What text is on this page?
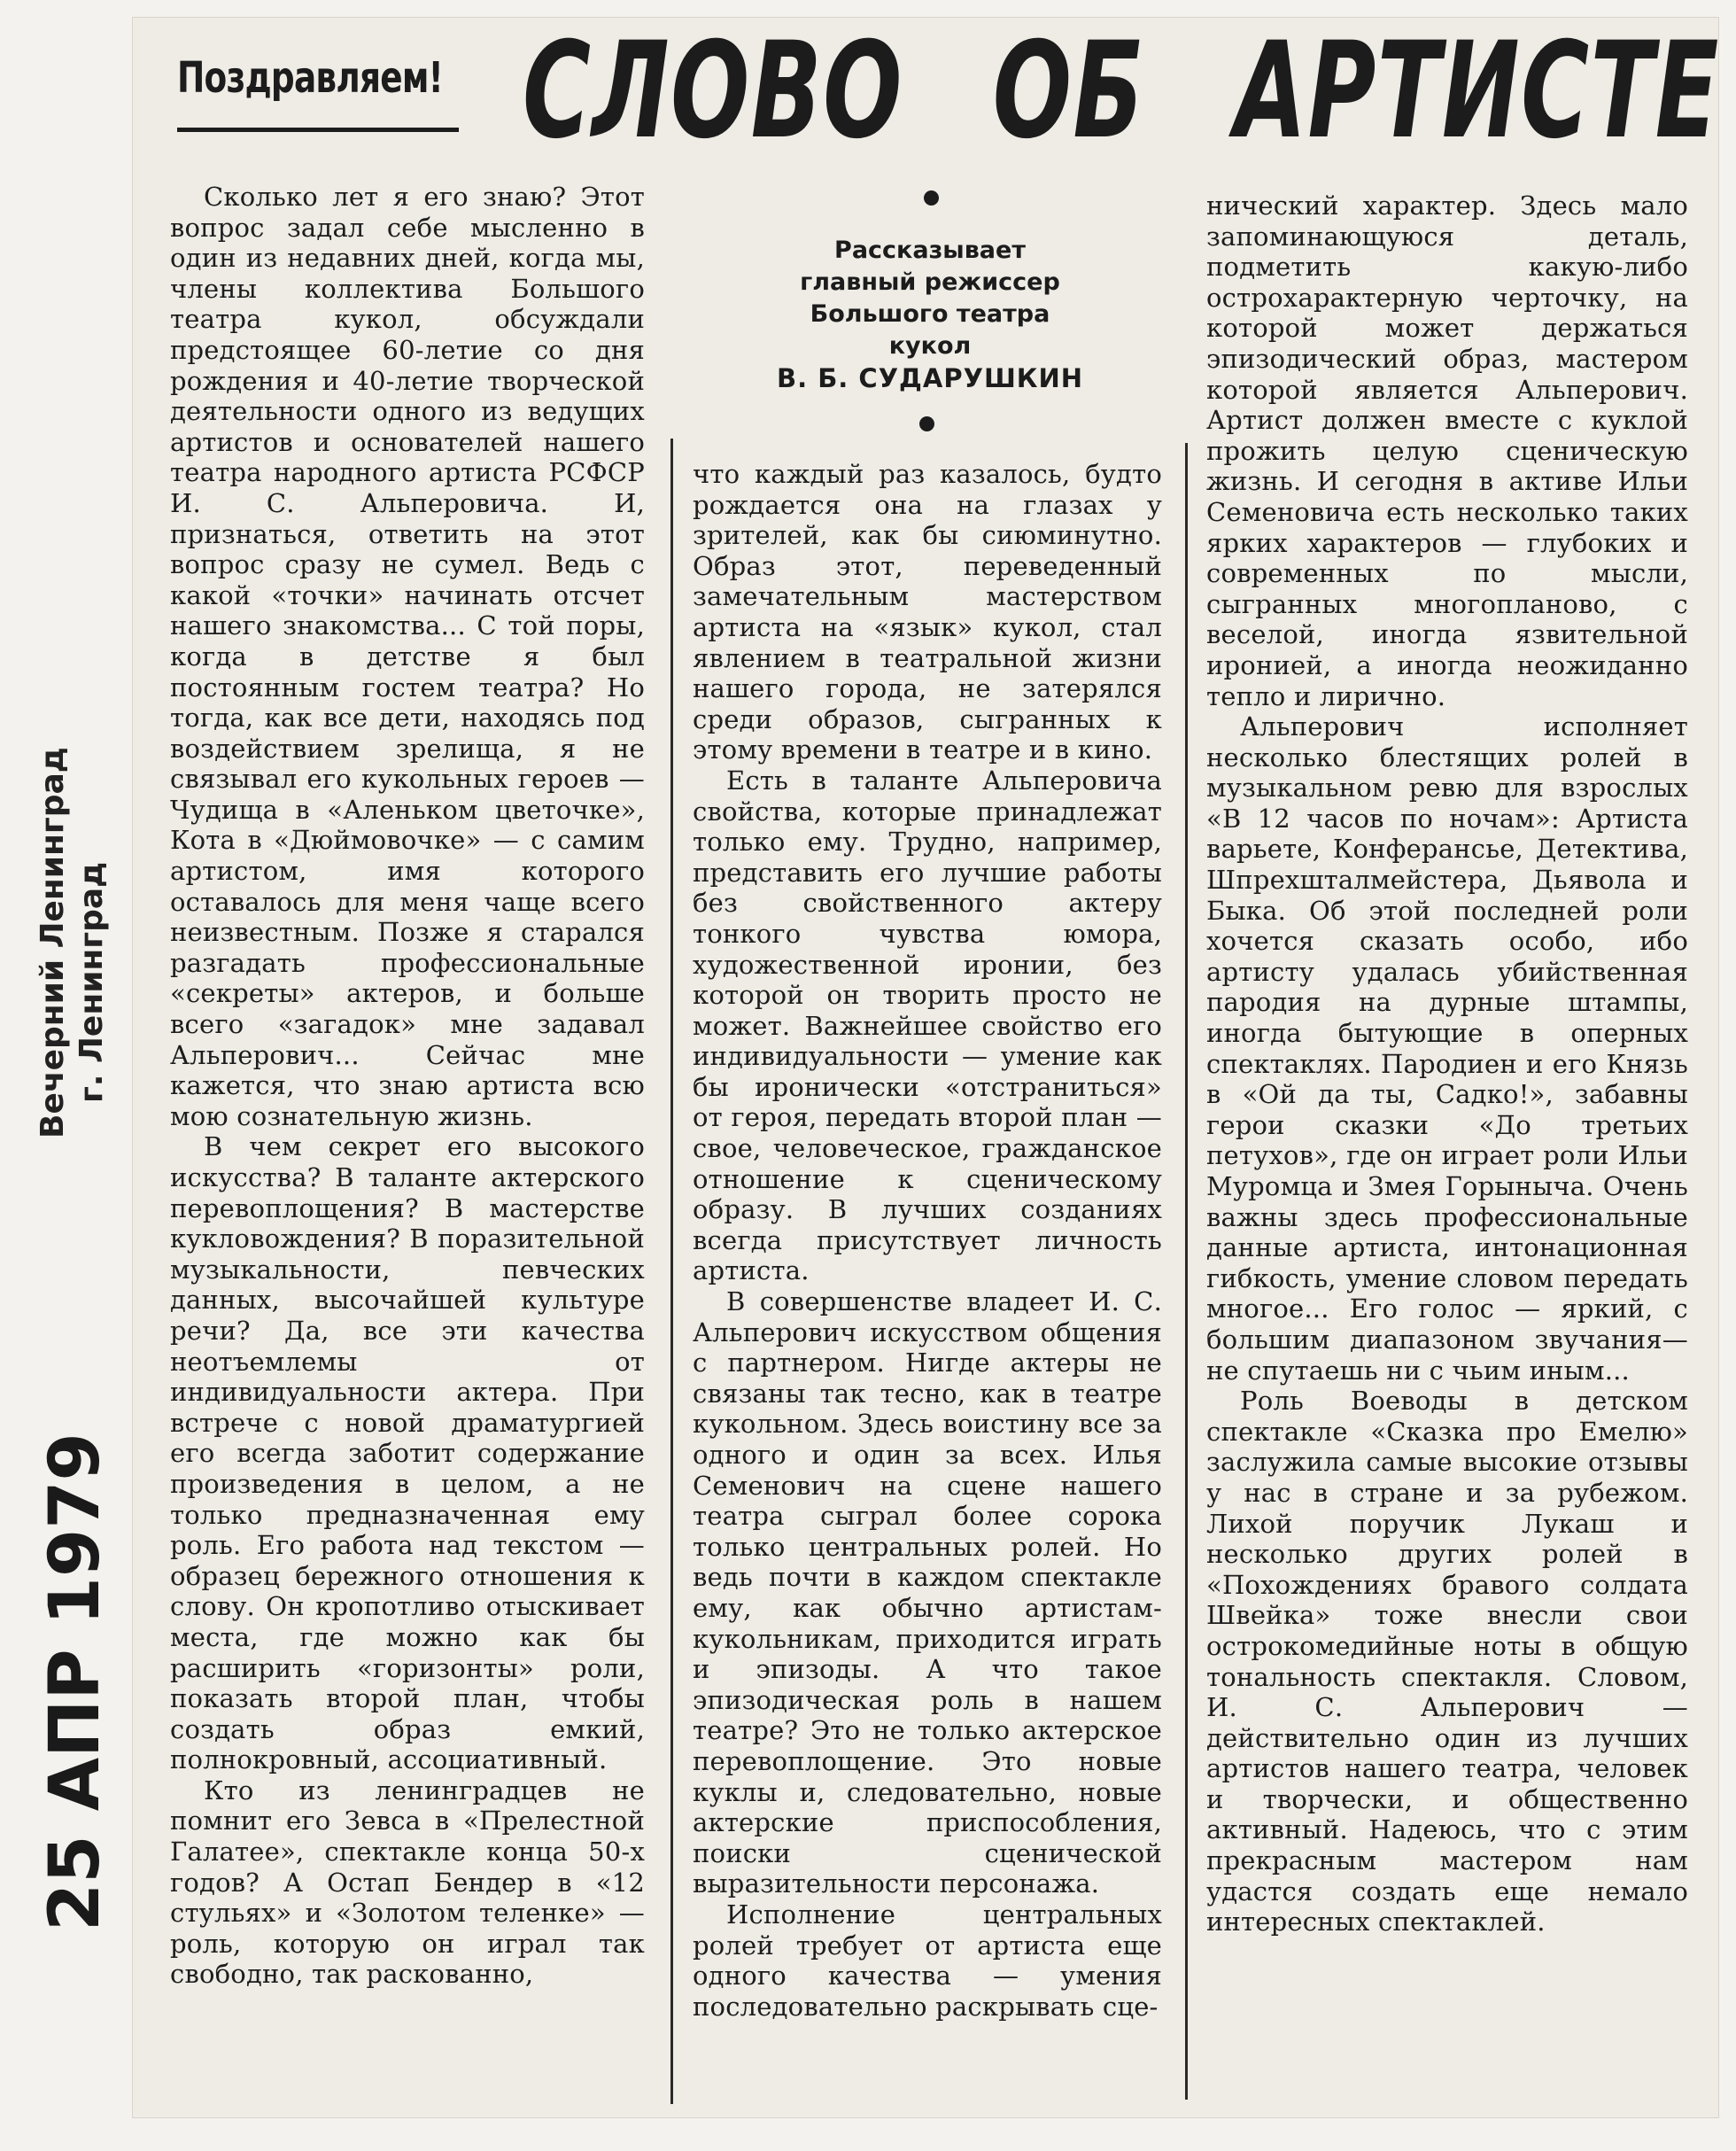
Поздравляем! СЛОВО ОБ АРТИСТЕ
Вечерний Ленинград г. Ленинград
25 АПР 1979
Рассказывает
главный режиссер
Большого театра
кукол
В. Б. СУДАРУШКИН

Сколько лет я его знаю? Этот вопрос задал себе мысленно в один из недавних дней, когда мы, члены коллектива Большого театра кукол, обсуждали предстоящее 60-летие со дня рождения и 40-летие творческой деятельности одного из ведущих артистов и основателей нашего театра народного артиста РСФСР И. С. Альперовича. И, признаться, ответить на этот вопрос сразу не сумел. Ведь с какой «точки» начинать отсчет нашего знакомства... С той поры, когда в детстве я был постоянным гостем театра? Но тогда, как все дети, находясь под воздействием зрелища, я не связывал его кукольных героев — Чудища в «Аленьком цветочке», Кота в «Дюймовочке» — с самим артистом, имя которого оставалось для меня чаще всего неизвестным. Позже я старался разгадать профессиональные «секреты» актеров, и больше всего «загадок» мне задавал Альперович... Сейчас мне кажется, что знаю артиста всю мою сознательную жизнь.

В чем секрет его высокого искусства? В таланте актерского перевоплощения? В мастерстве кукловождения? В поразительной музыкальности, певческих данных, высочайшей культуре речи? Да, все эти качества неотъемлемы от индивидуальности актера. При встрече с новой драматургией его всегда заботит содержание произведения в целом, а не только предназначенная ему роль. Его работа над текстом — образец бережного отношения к слову. Он кропотливо отыскивает места, где можно как бы расширить «горизонты» роли, показать второй план, чтобы создать образ емкий, полнокровный, ассоциативный.

Кто из ленинградцев не помнит его Зевса в «Прелестной Галатее», спектакле конца 50-х годов? А Остап Бендер в «12 стульях» и «Золотом теленке» — роль, которую он играл так свободно, так раскованно,

что каждый раз казалось, будто рождается она на глазах у зрителей, как бы сиюминутно. Образ этот, переведенный замечательным мастерством артиста на «язык» кукол, стал явлением в театральной жизни нашего города, не затерялся среди образов, сыгранных к этому времени в театре и в кино.

Есть в таланте Альперовича свойства, которые принадлежат только ему. Трудно, например, представить его лучшие работы без свойственного актеру тонкого чувства юмора, художественной иронии, без которой он творить просто не может. Важнейшее свойство его индивидуальности — умение как бы иронически «отстраниться» от героя, передать второй план — свое, человеческое, гражданское отношение к сценическому образу. В лучших созданиях всегда присутствует личность артиста.

В совершенстве владеет И. С. Альперович искусством общения с партнером. Нигде актеры не связаны так тесно, как в театре кукольном. Здесь воистину все за одного и один за всех. Илья Семенович на сцене нашего театра сыграл более сорока только центральных ролей. Но ведь почти в каждом спектакле ему, как обычно артистам-кукольникам, приходится играть и эпизоды. А что такое эпизодическая роль в нашем театре? Это не только актерское перевоплощение. Это новые куклы и, следовательно, новые актерские приспособления, поиски сценической выразительности персонажа.

Исполнение центральных ролей требует от артиста еще одного качества — умения последовательно раскрывать сце-

нический характер. Здесь мало запоминающуюся деталь, подметить какую-либо острохарактерную черточку, на которой может держаться эпизодический образ, мастером которой является Альперович. Артист должен вместе с куклой прожить целую сценическую жизнь. И сегодня в активе Ильи Семеновича есть несколько таких ярких характеров — глубоких и современных по мысли, сыгранных многопланово, с веселой, иногда язвительной иронией, а иногда неожиданно тепло и лирично.

Альперович исполняет несколько блестящих ролей в музыкальном ревю для взрослых «В 12 часов по ночам»: Артиста варьете, Конферансье, Детектива, Шпрехшталмейстера, Дьявола и Быка. Об этой последней роли хочется сказать особо, ибо артисту удалась убийственная пародия на дурные штампы, иногда бытующие в оперных спектаклях. Пародиен и его Князь в «Ой да ты, Садко!», забавны герои сказки «До третьих петухов», где он играет роли Ильи Муромца и Змея Горыныча. Очень важны здесь профессиональные данные артиста, интонационная гибкость, умение словом передать многое... Его голос — яркий, с большим диапазоном звучания—не спутаешь ни с чьим иным...

Роль Воеводы в детском спектакле «Сказка про Емелю» заслужила самые высокие отзывы у нас в стране и за рубежом. Лихой поручик Лукаш и несколько других ролей в «Похождениях бравого солдата Швейка» тоже внесли свои острокомедийные ноты в общую тональность спектакля. Словом, И. С. Альперович — действительно один из лучших артистов нашего театра, человек и творчески, и общественно активный. Надеюсь, что с этим прекрасным мастером нам удастся создать еще немало интересных спектаклей.
